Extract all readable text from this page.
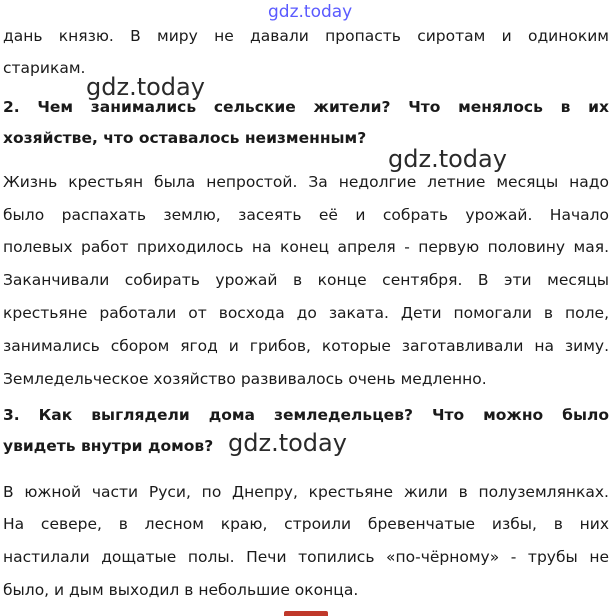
gdz.today
дань князю. В миру не давали пропасть сиротам и одиноким
старикам.
gdz.today
2. Чем занимались сельские жители? Что менялось в их
хозяйстве, что оставалось неизменным?
gdz.today
Жизнь крестьян была непростой. За недолгие летние месяцы надо
было распахать землю, засеять её и собрать урожай. Начало
полевых работ приходилось на конец апреля - первую половину мая.
Заканчивали собирать урожай в конце сентября. В эти месяцы
крестьяне работали от восхода до заката. Дети помогали в поле,
занимались сбором ягод и грибов, которые заготавливали на зиму.
Земледельческое хозяйство развивалось очень медленно.
3. Как выглядели дома земледельцев? Что можно было
gdz.today
увидеть внутри домов?
В южной части Руси, по Днепру, крестьяне жили в полуземлянках.
На севере, в лесном краю, строили бревенчатые избы, в них
настилали дощатые полы. Печи топились «по-чёрному» - трубы не
было, и дым выходил в небольшие оконца.
